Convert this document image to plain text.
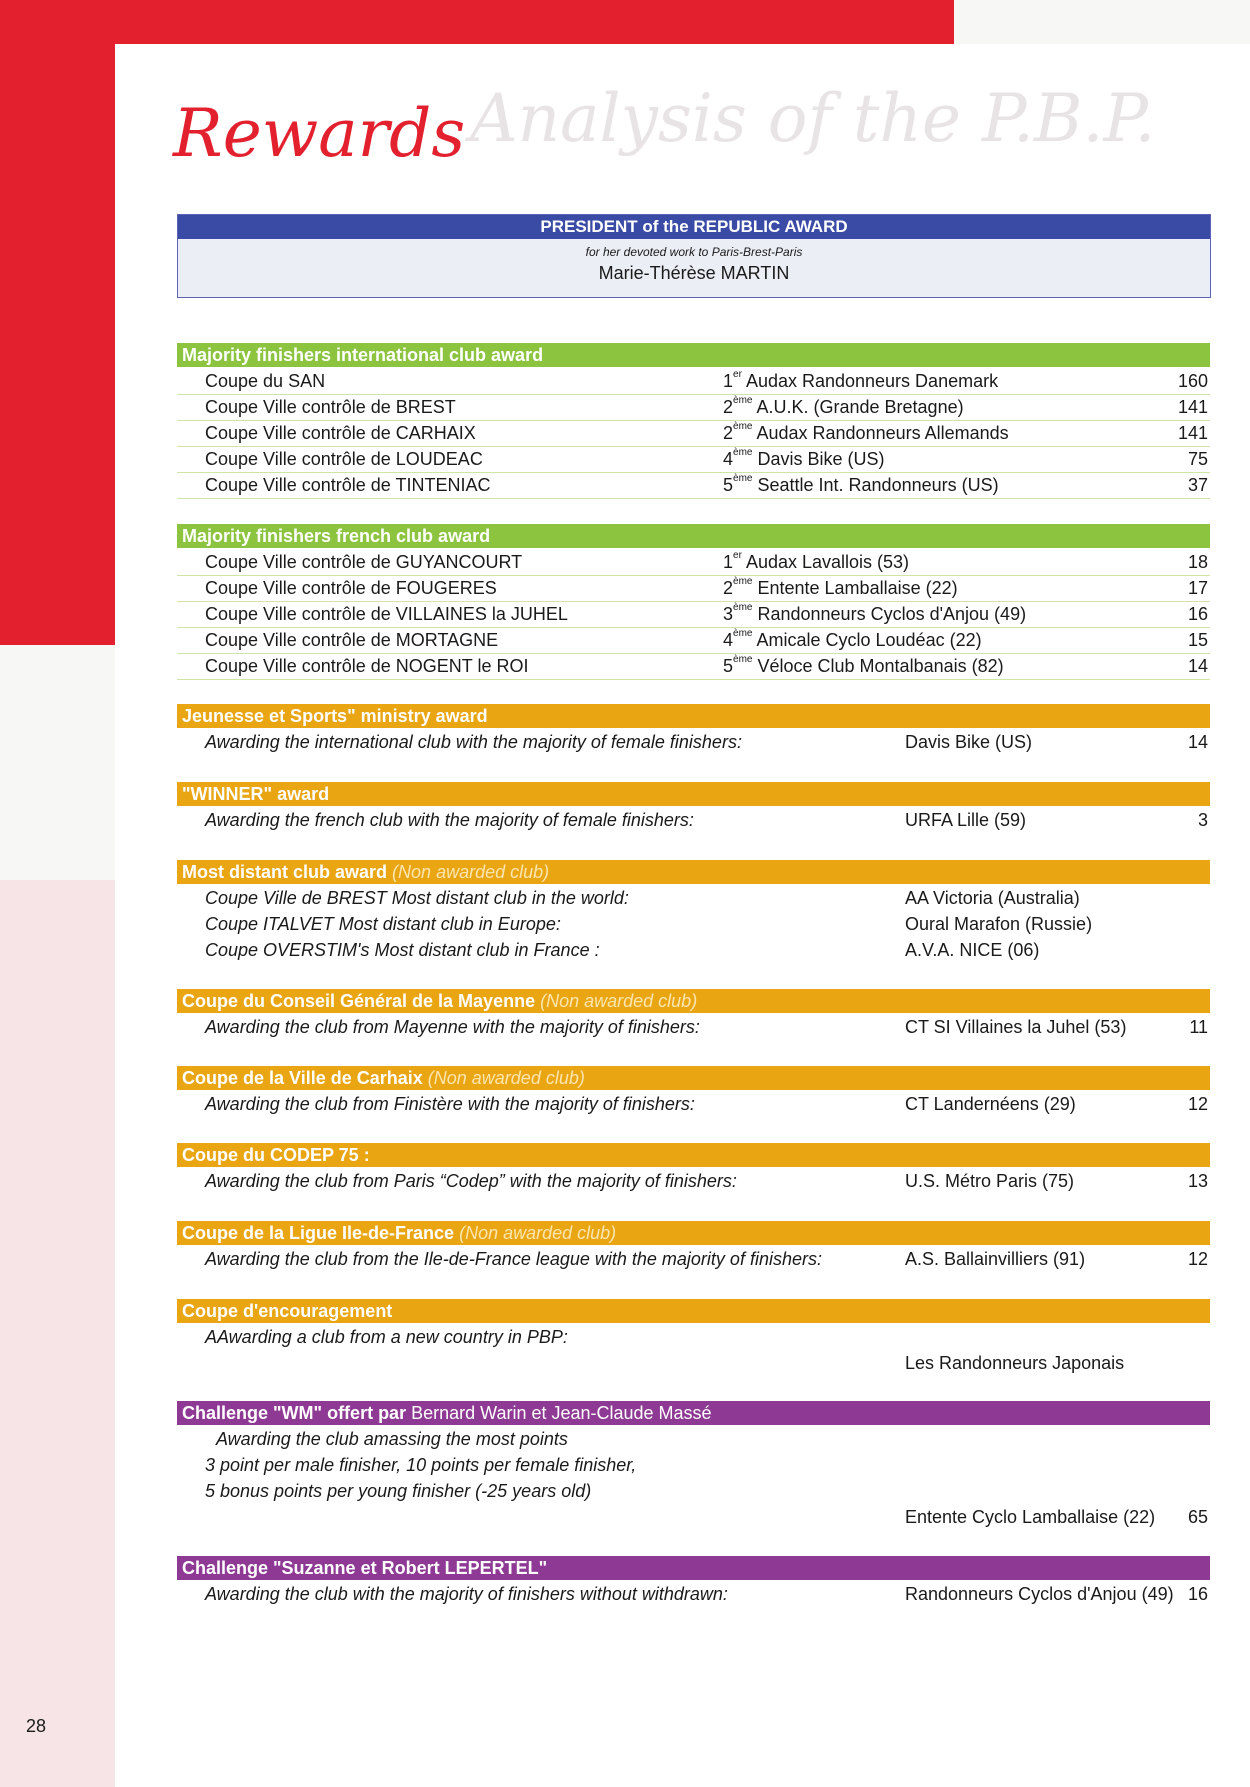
Analysis of the P.B.P.
Rewards
PRESIDENT of the REPUBLIC AWARD
for her devoted work to Paris-Brest-Paris
Marie-Thérèse MARTIN
Majority finishers international club award
Coupe du SAN	1er Audax Randonneurs Danemark	160
Coupe Ville contrôle de BREST	2ème A.U.K. (Grande Bretagne)	141
Coupe Ville contrôle de CARHAIX	2ème Audax Randonneurs Allemands	141
Coupe Ville contrôle de LOUDEAC	4ème Davis Bike (US)	75
Coupe Ville contrôle de TINTENIAC	5ème Seattle Int. Randonneurs (US)	37
Majority finishers french club award
Coupe Ville contrôle de GUYANCOURT	1er Audax Lavallois (53)	18
Coupe Ville contrôle de FOUGERES	2ème Entente Lamballaise (22)	17
Coupe Ville contrôle de VILLAINES la JUHEL	3ème Randonneurs Cyclos d'Anjou (49)	16
Coupe Ville contrôle de MORTAGNE	4ème Amicale Cyclo Loudéac (22)	15
Coupe Ville contrôle de NOGENT le ROI	5ème Véloce Club Montalbanais (82)	14
Jeunesse et Sports" ministry award
Awarding the international club with the majority of female finishers:	Davis Bike (US)	14
"WINNER" award
Awarding the french club with the majority of female finishers:	URFA Lille (59)	3
Most distant club award (Non awarded club)
Coupe Ville de BREST Most distant club in the world:	AA Victoria (Australia)
Coupe ITALVET Most distant club in Europe:	Oural Marafon (Russie)
Coupe OVERSTIM's Most distant club in France :	A.V.A. NICE (06)
Coupe du Conseil Général de la Mayenne (Non awarded club)
Awarding the club from Mayenne with the majority of finishers:	CT SI Villaines la Juhel (53)	11
Coupe de la Ville de Carhaix (Non awarded club)
Awarding the club from Finistère with the majority of finishers:	CT Landernéens (29)	12
Coupe du CODEP 75 :
Awarding the club from Paris “Codep” with the majority of finishers:	U.S. Métro Paris (75)	13
Coupe de la Ligue Ile-de-France (Non awarded club)
Awarding the club from the Ile-de-France league with the majority of finishers:	A.S. Ballainvilliers (91)	12
Coupe d'encouragement
AAwarding a club from a new country in PBP:
Les Randonneurs Japonais
Challenge "WM" offert par Bernard Warin et Jean-Claude Massé
Awarding the club amassing the most points
3 point per male finisher, 10 points per female finisher,
5 bonus points per young finisher (-25 years old)
Entente Cyclo Lamballaise (22) 65
Challenge "Suzanne et Robert LEPERTEL"
Awarding the club with the majority of finishers without withdrawn:	Randonneurs Cyclos d'Anjou (49) 16
28
